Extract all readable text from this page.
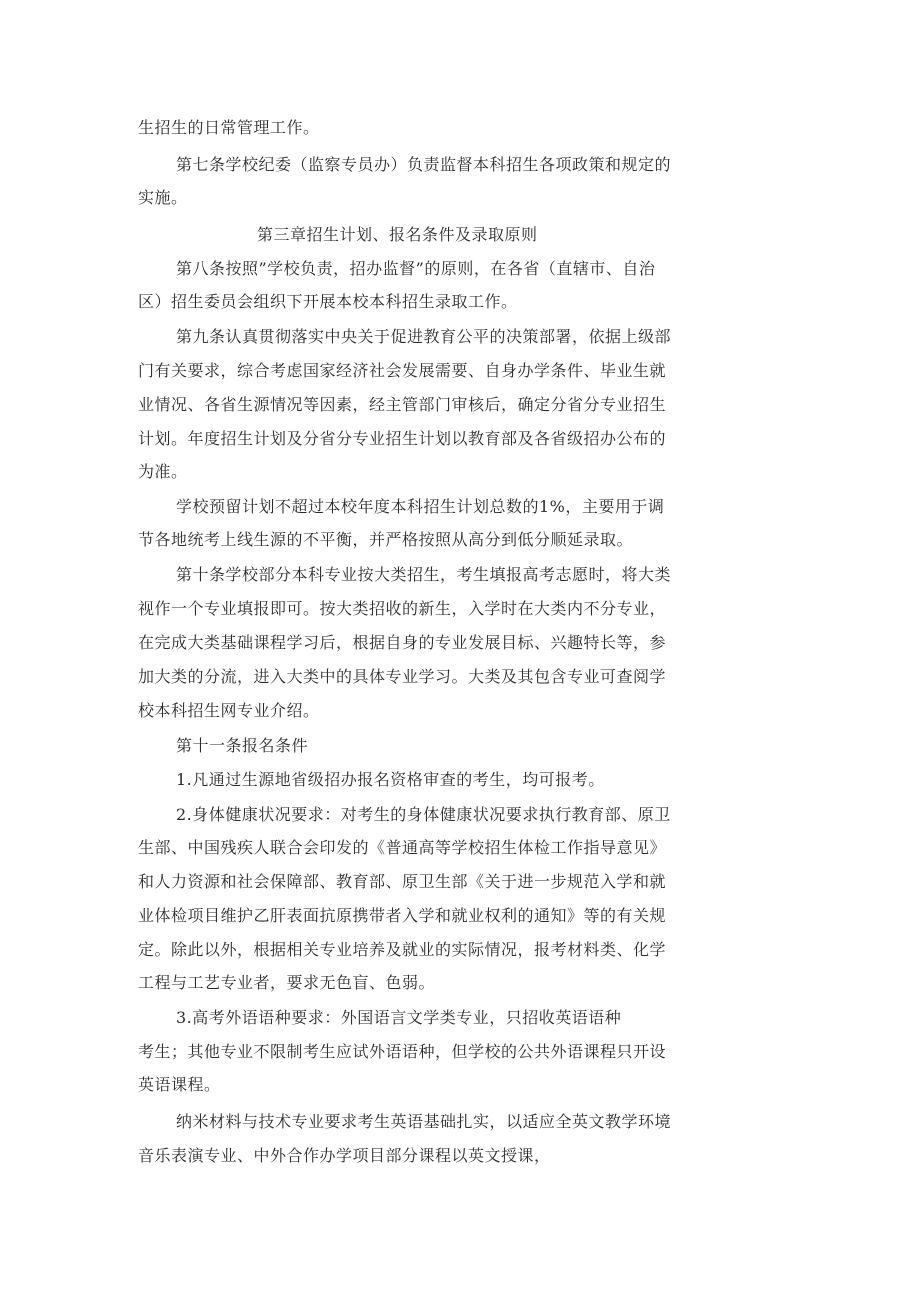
生招生的日常管理工作。
第七条学校纪委（监察专员办）负责监督本科招生各项政策和规定的
实施。
第三章招生计划、报名条件及录取原则
第八条按照”学校负责，招办监督”的原则，在各省（直辖市、自治
区）招生委员会组织下开展本校本科招生录取工作。
第九条认真贯彻落实中央关于促进教育公平的决策部署，依据上级部
门有关要求，综合考虑国家经济社会发展需要、自身办学条件、毕业生就
业情况、各省生源情况等因素，经主管部门审核后，确定分省分专业招生
计划。年度招生计划及分省分专业招生计划以教育部及各省级招办公布的
为准。
学校预留计划不超过本校年度本科招生计划总数的1%，主要用于调
节各地统考上线生源的不平衡，并严格按照从高分到低分顺延录取。
第十条学校部分本科专业按大类招生，考生填报高考志愿时，将大类
视作一个专业填报即可。按大类招收的新生，入学时在大类内不分专业，
在完成大类基础课程学习后，根据自身的专业发展目标、兴趣特长等，参
加大类的分流，进入大类中的具体专业学习。大类及其包含专业可查阅学
校本科招生网专业介绍。
第十一条报名条件
1.凡通过生源地省级招办报名资格审查的考生，均可报考。
2.身体健康状况要求：对考生的身体健康状况要求执行教育部、原卫
生部、中国残疾人联合会印发的《普通高等学校招生体检工作指导意见》
和人力资源和社会保障部、教育部、原卫生部《关于进一步规范入学和就
业体检项目维护乙肝表面抗原携带者入学和就业权利的通知》等的有关规
定。除此以外，根据相关专业培养及就业的实际情况，报考材料类、化学
工程与工艺专业者，要求无色盲、色弱。
3.高考外语语种要求：外国语言文学类专业，只招收英语语种
考生；其他专业不限制考生应试外语语种，但学校的公共外语课程只开设
英语课程。
纳米材料与技术专业要求考生英语基础扎实，以适应全英文教学环境
音乐表演专业、中外合作办学项目部分课程以英文授课，
